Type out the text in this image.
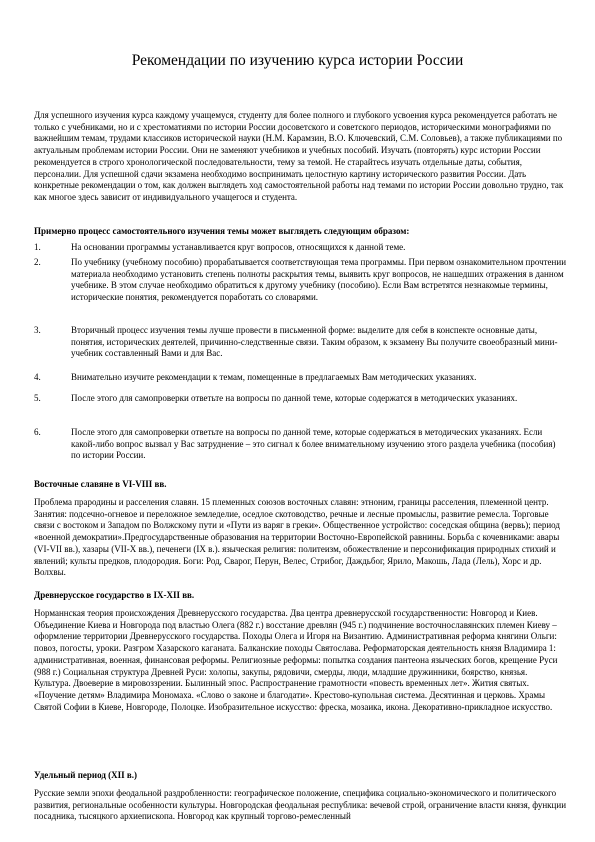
Рекомендации по изучению курса истории России

Для успешного изучения курса каждому учащемуся, студенту для более полного и глубокого усвоения курса рекомендуется работать не только с учебниками, но и с хрестоматиями по истории России досоветского и советского периодов, историческими монографиями по важнейшим темам, трудами классиков исторической науки (Н.М. Карамзин, В.О. Ключевский, С.М. Соловьев), а также публикациями по актуальным проблемам истории России. Они не заменяют учебников и учебных пособий. Изучать (повторять) курс истории России рекомендуется в строго хронологической последовательности, тему за темой. Не старайтесь изучать отдельные даты, события, персоналии. Для успешной сдачи экзамена необходимо воспринимать целостную картину исторического развития России. Дать конкретные рекомендации о том, как должен выглядеть ход самостоятельной работы над темами по истории России довольно трудно, так как многое здесь зависит от индивидуального учащегося и студента.

Примерно процесс самостоятельного изучения темы может выглядеть следующим образом:

1.	На основании программы устанавливается круг вопросов, относящихся к данной теме.
2.	По учебнику (учебному пособию) прорабатывается соответствующая тема программы. При первом ознакомительном прочтении материала необходимо установить степень полноты раскрытия темы, выявить круг вопросов, не нашедших отражения в данном учебнике. В этом случае необходимо обратиться к другому учебнику (пособию). Если Вам встретятся незнакомые термины, исторические понятия, рекомендуется поработать со словарями.
3.	Вторичный процесс изучения темы лучше провести в письменной форме: выделите для себя в конспекте основные даты, понятия, исторических деятелей, причинно-следственные связи. Таким образом, к экзамену Вы получите своеобразный мини-учебник составленный Вами и для Вас.
4.	Внимательно изучите рекомендации к темам, помещенные в предлагаемых Вам методических указаниях.
5.	После этого для самопроверки ответьте на вопросы по данной теме, которые содержатся в методических указаниях.
6.	После этого для самопроверки ответьте на вопросы по данной теме, которые содержаться в методических указаниях. Если какой-либо вопрос вызвал у Вас затруднение – это сигнал к более внимательному изучению этого раздела учебника (пособия) по истории России.

Восточные славяне в VI-VIII вв.

Проблема прародины и расселения славян. 15 племенных союзов восточных славян: этноним, границы расселения, племенной центр. Занятия: подсечно-огневое и переложное земледелие, оседлое скотоводство, речные и лесные промыслы, развитие ремесла. Торговые связи с востоком и Западом по Волжскому пути и «Пути из варяг в греки». Общественное устройство: соседская община (вервь); период «военной демократии».Предгосударственные образования на территории Восточно-Европейской равнины. Борьба с кочевниками: авары (VI-VII вв.), хазары (VII-X вв.), печенеги (IX в.). языческая религия: политеизм, обожествление и персонификация природных стихий и явлений; культы предков, плодородия. Боги: Род, Сварог, Перун, Велес, Стрибог, Даждьбог, Ярило, Макошь, Лада (Лель), Хорс и др. Волхвы.

Древнерусское государство в IX-XII вв.

Норманнская теория происхождения Древнерусского государства. Два центра древнерусской государственности: Новгород и Киев. Объединение Киева и Новгорода под властью Олега (882 г.) восстание древлян (945 г.) подчинение восточнославянских племен Киеву – оформление территории Древнерусского государства. Походы Олега и Игоря на Византию. Административная реформа княгини Ольги: повоз, погосты, уроки. Разгром Хазарского каганата. Балканские походы Святослава. Реформаторская деятельность князя Владимира 1: административная, военная, финансовая реформы. Религиозные реформы: попытка создания пантеона языческих богов, крещение Руси (988 г.) Социальная структура Древней Руси: холопы, закупы, рядовичи, смерды, люди, младшие дружинники, боярство, князья. Культура. Двоеверие в мировоззрении. Былинный эпос. Распространение грамотности «повесть временных лет». Жития святых. «Поучение детям» Владимира Мономаха. «Слово о законе и благодати». Крестово-купольная система. Десятинная и церковь. Храмы Святой Софии в Киеве, Новгороде, Полоцке. Изобразительное искусство: фреска, мозаика, икона. Декоративно-прикладное искусство.

Удельный период (XII в.)

Русские земли эпохи феодальной раздробленности: географическое положение, специфика социально-экономического и политического развития, региональные особенности культуры. Новгородская феодальная республика: вечевой строй, ограничение власти князя, функции посадника, тысяцкого архиепископа. Новгород как крупный торгово-ремесленный
